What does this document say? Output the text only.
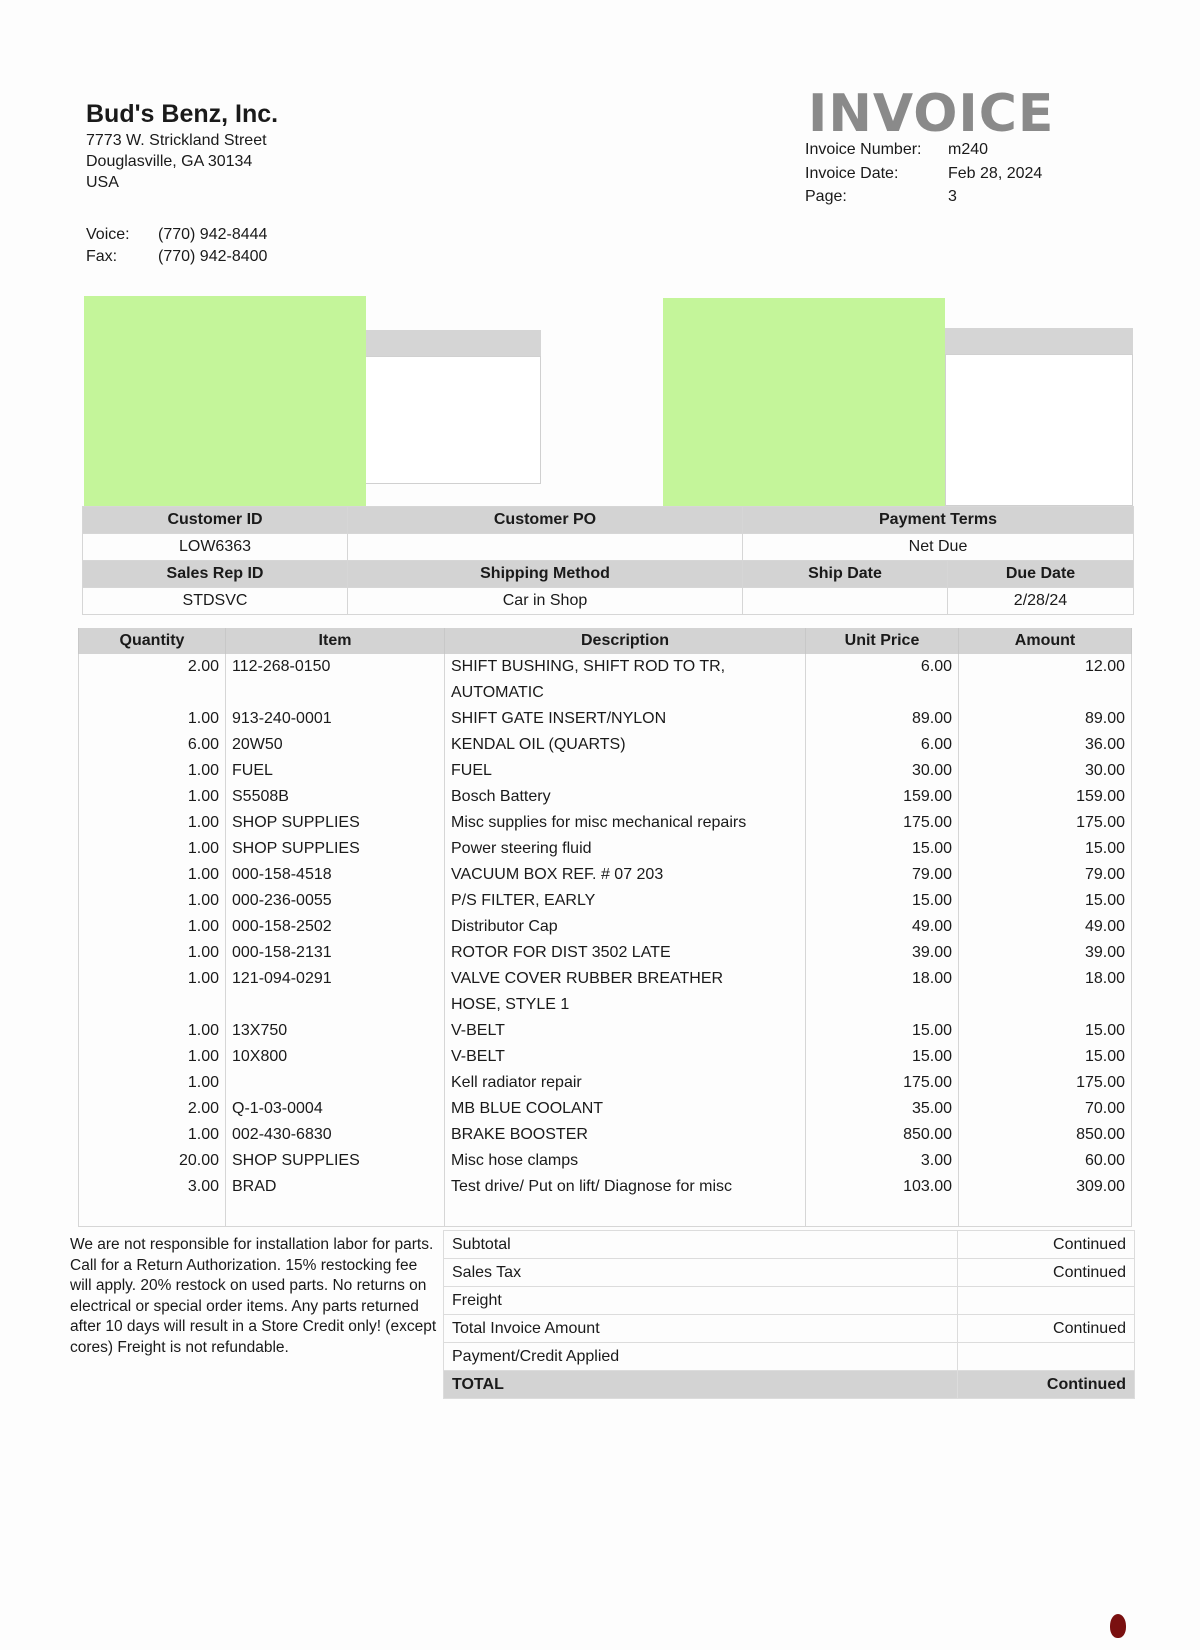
Bud's Benz, Inc.
7773 W. Strickland Street
Douglasville, GA 30134
USA
Voice: (770) 942-8444
Fax:	(770) 942-8400
INVOICE
Invoice Number: m240
Invoice Date:	Feb 28, 2024
Page:	3
Customer ID	Customer PO	Payment Terms	
LOW6363		Net Due	
Sales Rep ID	Shipping Method	Ship Date	Due Date
STDSVC	Car in Shop		2/28/24
Quantity	Item	Description	Unit Price	Amount
2.00	112-268-0150	SHIFT BUSHING, SHIFT ROD TO TR,	6.00	12.00
		AUTOMATIC		
1.00	913-240-0001	SHIFT GATE INSERT/NYLON	89.00	89.00
6.00	20W50	KENDAL OIL (QUARTS)	6.00	36.00
1.00	FUEL	FUEL	30.00	30.00
1.00	S5508B	Bosch Battery	159.00	159.00
1.00	SHOP SUPPLIES	Misc supplies for misc mechanical repairs	175.00	175.00
1.00	SHOP SUPPLIES	Power steering fluid	15.00	15.00
1.00	000-158-4518	VACUUM BOX REF. # 07 203	79.00	79.00
1.00	000-236-0055	P/S FILTER, EARLY	15.00	15.00
1.00	000-158-2502	Distributor Cap	49.00	49.00
1.00	000-158-2131	ROTOR FOR DIST 3502 LATE	39.00	39.00
1.00	121-094-0291	VALVE COVER RUBBER BREATHER	18.00	18.00
		HOSE, STYLE 1		
1.00	13X750	V-BELT	15.00	15.00
1.00	10X800	V-BELT	15.00	15.00
1.00		Kell radiator repair	175.00	175.00
2.00	Q-1-03-0004	MB BLUE COOLANT	35.00	70.00
1.00	002-430-6830	BRAKE BOOSTER	850.00	850.00
20.00	SHOP SUPPLIES	Misc hose clamps	3.00	60.00
3.00	BRAD	Test drive/ Put on lift/ Diagnose for misc	103.00	309.00

We are not responsible for installation labor for parts. Call for a Return Authorization. 15% restocking fee will apply. 20% restock on used parts. No returns on electrical or special order items. Any parts returned after 10 days will result in a Store Credit only! (except cores) Freight is not refundable.
Subtotal	Continued
Sales Tax	Continued
Freight	
Total Invoice Amount	Continued
Payment/Credit Applied	
TOTAL	Continued
